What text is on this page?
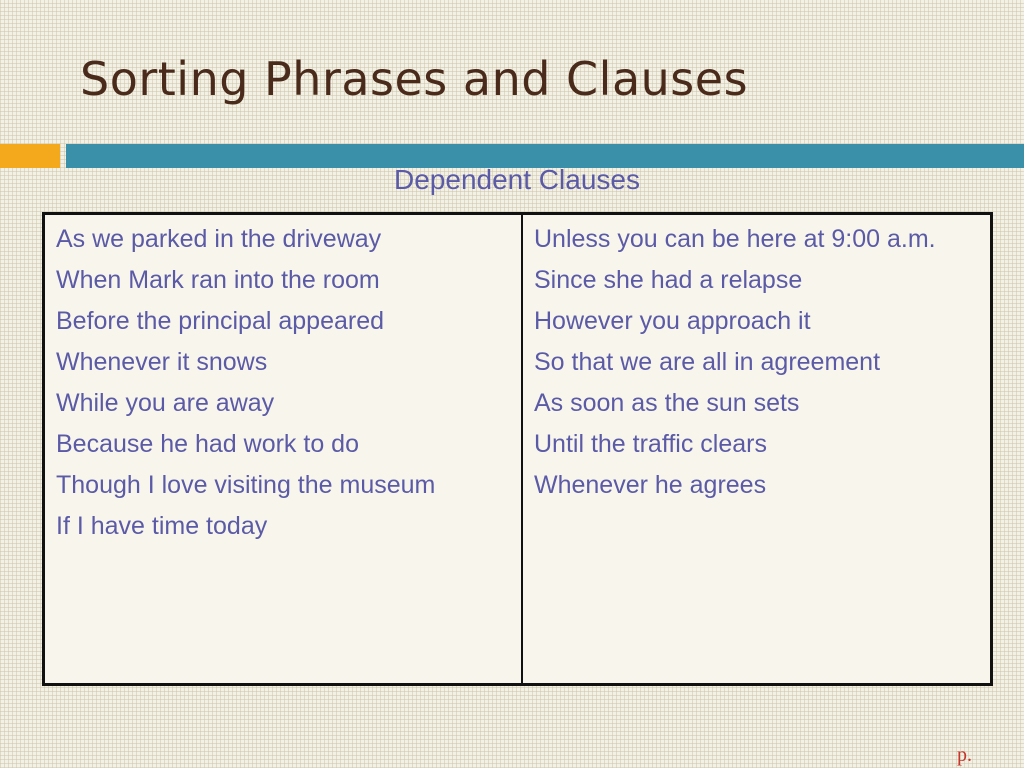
Sorting Phrases and Clauses
Dependent Clauses
As we parked in the driveway
When Mark ran into the room
Before the principal appeared
Whenever it snows
While you are away
Because he had work to do
Though I love visiting the museum
If I have time today
Unless you can be here at 9:00 a.m.
Since she had a relapse
However you approach it
So that we are all in agreement
As soon as the sun sets
Until the traffic clears
Whenever he agrees
p.
